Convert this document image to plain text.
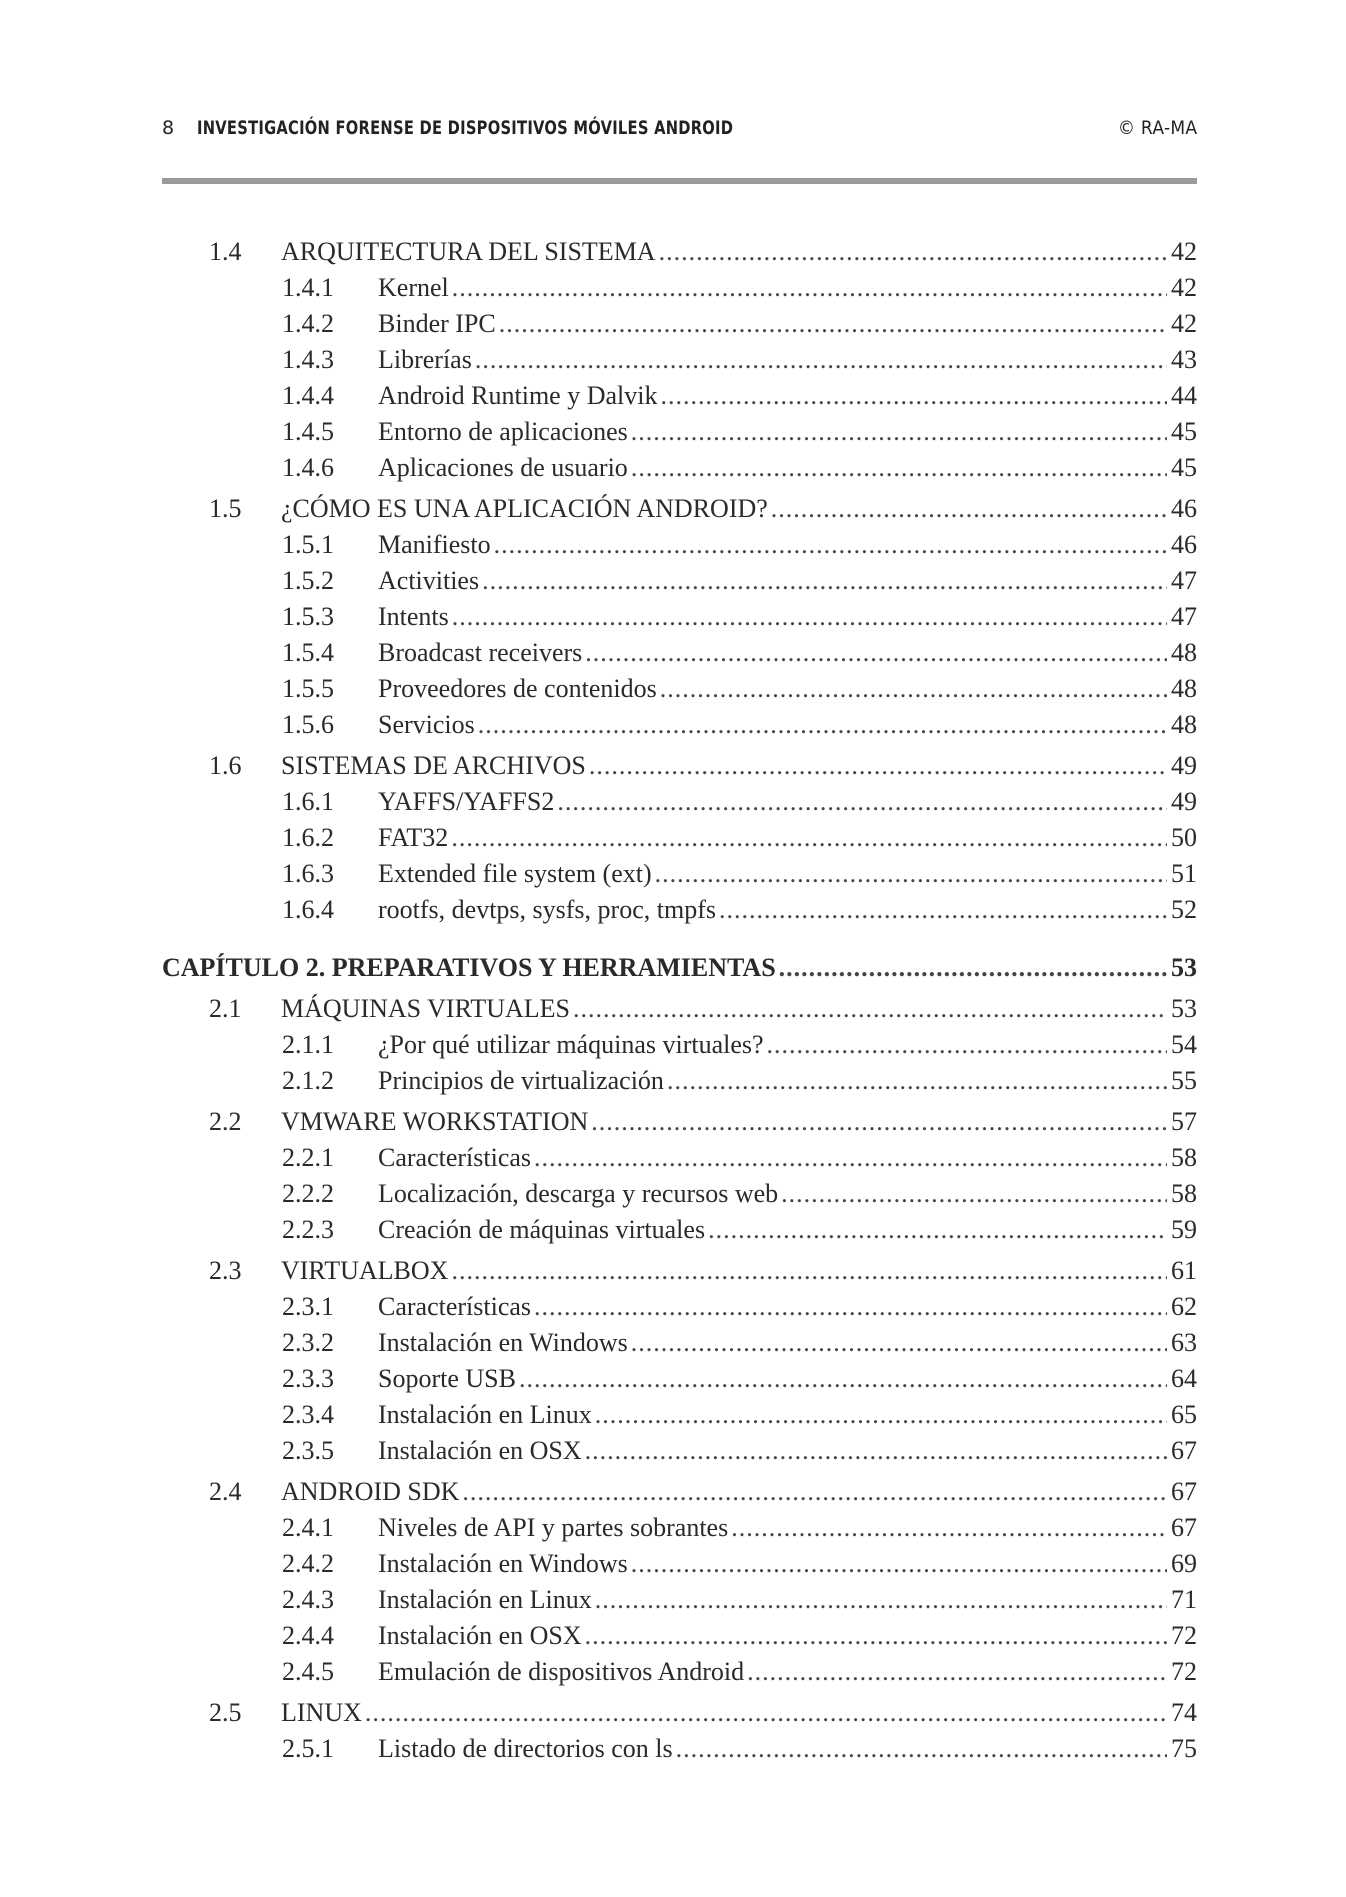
8 INVESTIGACIÓN FORENSE DE DISPOSITIVOS MÓVILES ANDROID	© RA-MA
1.4	ARQUITECTURA DEL SISTEMA .....	42
1.4.1	Kernel .....	42
1.4.2	Binder IPC .....	42
1.4.3	Librerías .....	43
1.4.4	Android Runtime y Dalvik .....	44
1.4.5	Entorno de aplicaciones .....	45
1.4.6	Aplicaciones de usuario .....	45
1.5	¿CÓMO ES UNA APLICACIÓN ANDROID? .....	46
1.5.1	Manifiesto .....	46
1.5.2	Activities .....	47
1.5.3	Intents .....	47
1.5.4	Broadcast receivers .....	48
1.5.5	Proveedores de contenidos .....	48
1.5.6	Servicios .....	48
1.6	SISTEMAS DE ARCHIVOS .....	49
1.6.1	YAFFS/YAFFS2 .....	49
1.6.2	FAT32 .....	50
1.6.3	Extended file system (ext) .....	51
1.6.4	rootfs, devtps, sysfs, proc, tmpfs .....	52
CAPÍTULO 2. PREPARATIVOS Y HERRAMIENTAS .....	53
2.1	MÁQUINAS VIRTUALES .....	53
2.1.1	¿Por qué utilizar máquinas virtuales? .....	54
2.1.2	Principios de virtualización .....	55
2.2	VMWARE WORKSTATION .....	57
2.2.1	Características .....	58
2.2.2	Localización, descarga y recursos web .....	58
2.2.3	Creación de máquinas virtuales .....	59
2.3	VIRTUALBOX .....	61
2.3.1	Características .....	62
2.3.2	Instalación en Windows .....	63
2.3.3	Soporte USB .....	64
2.3.4	Instalación en Linux .....	65
2.3.5	Instalación en OSX .....	67
2.4	ANDROID SDK .....	67
2.4.1	Niveles de API y partes sobrantes .....	67
2.4.2	Instalación en Windows .....	69
2.4.3	Instalación en Linux .....	71
2.4.4	Instalación en OSX .....	72
2.4.5	Emulación de dispositivos Android .....	72
2.5	LINUX .....	74
2.5.1	Listado de directorios con ls .....	75
